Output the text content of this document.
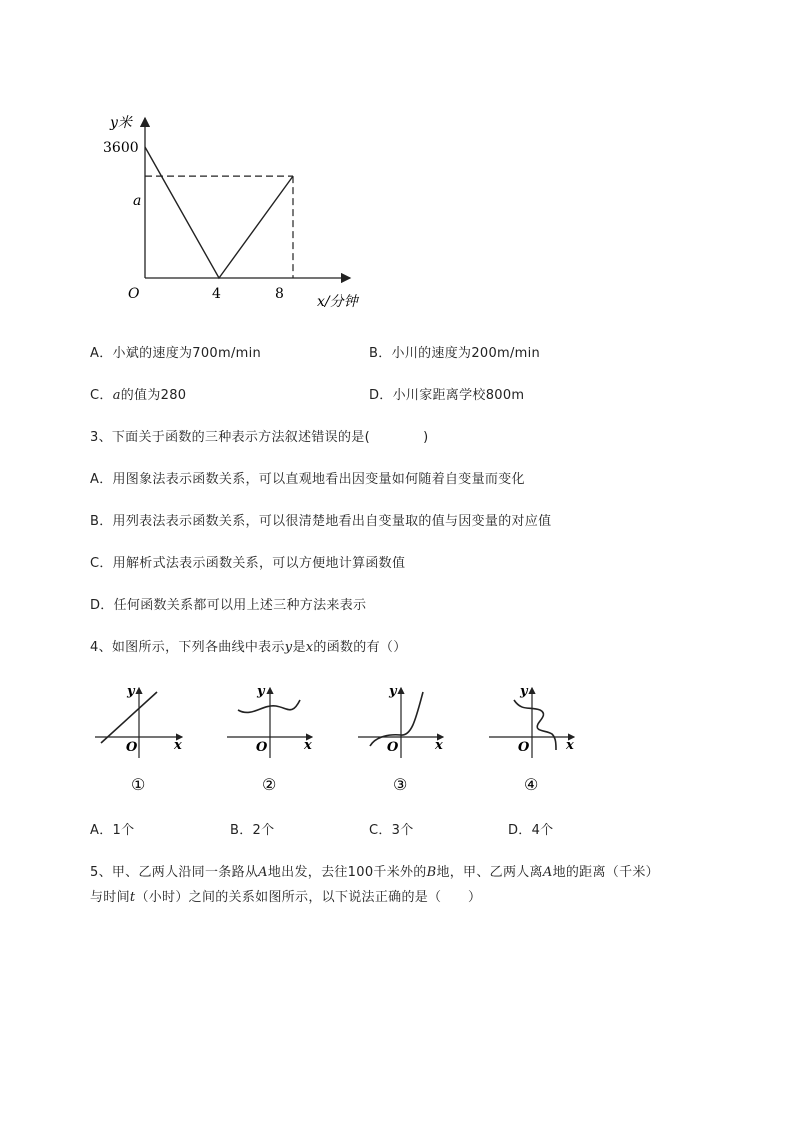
y米
3600
a
O	4	8 x/分钟
A．小斌的速度为700m/min	B．小川的速度为200m/min
C．a的值为280	D．小川家距离学校800m
3、下面关于函数的三种表示方法叙述错误的是(　　　　)
A．用图象法表示函数关系，可以直观地看出因变量如何随着自变量而变化
B．用列表法表示函数关系，可以很清楚地看出自变量取的值与因变量的对应值
C．用解析式法表示函数关系，可以方便地计算函数值
D．任何函数关系都可以用上述三种方法来表示
4、如图所示，下列各曲线中表示y是x的函数的有（）
y
O	x
①
y
O	x
②
y
O	x
③
y
O	x
④
A．1个	B．2个	C．3个	D．4个
5、甲、乙两人沿同一条路从A地出发，去往100千米外的B地，甲、乙两人离A地的距离（千米）
与时间t（小时）之间的关系如图所示，以下说法正确的是（　　）
